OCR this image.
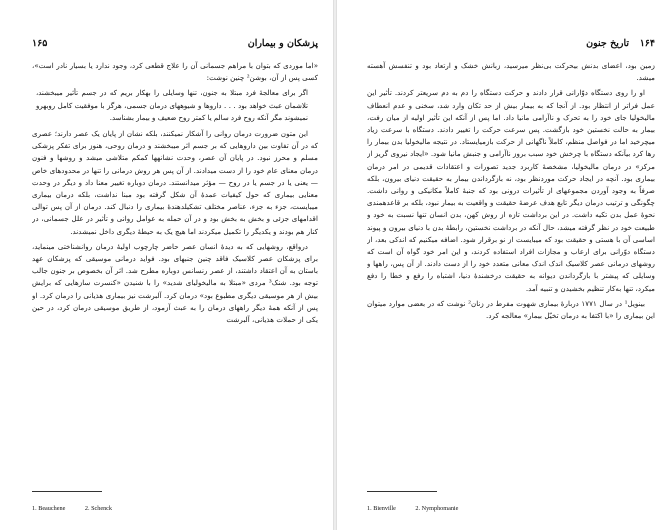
پزشکان و بیماران
۱۶۵

«اما موردی که بتوان با مراهم جسمانی آن را علاج قطعی کرد، وجود ندارد یا بسیار نادر است»، کسی پس از آن، بوشن² چنین نوشت:

اگر برای معالجهٔ فرد مبتلا به جنون، تنها وسایلی را بهکار بریم که در جسم تأثیر میبخشند، تلاشمان عبث خواهد بود . . . داروها و شیوههای درمان جسمی، هرگز با موفقیت کامل روبهرو نمیشوند مگر آنکه روح فرد سالم یا کمتر روح ضعیف و بیمار بشناسد.

این متون ضرورت درمان روانی را آشکار نمیکنند، بلکه نشان از پایان یک عصر دارند؛ عصری که در آن تفاوت بین داروهایی که بر جسم اثر میبخشند و درمان روحی، هنوز برای تفکر پزشکی مسلم و محرز نبود. در پایان آن عصر، وحدت نشانهها کمکم متلاشی میشد و روشها و فنون درمان معنای عام خود را از دست میدادند. از آن پس هر روش درمانی را تنها در محدودهای خاص — یعنی یا در جسم یا در روح — مؤثر میدانستند. درمان دوباره تغییر معنا داد و دیگر در وحدت معنایی بیماری که حول کیفیات عمدهٔ آن شکل گرفته بود مبنا نداشت، بلکه درمان بیماری میبایست، جزء به جزء، عناصر مختلف تشکیلدهندهٔ بیماری را دنبال کند. درمان از آن پس توالی اقدامهای جزئی و بخش به بخش بود و در آن حمله به عوامل روانی و تأثیر در علل جسمانی، در کنار هم بودند و یکدیگر را تکمیل میکردند اما هیچ یک به حیطهٔ دیگری داخل نمیشدند.

درواقع، روشهایی که به دیدهٔ انسان عصر حاضر چارچوب اولیهٔ درمان روانشناختی مینماید، برای پزشکان عصر کلاسیک فاقد چنین جنبهای بود. فواید درمانی موسیقی که پزشکان عهد باستان به آن اعتقاد داشتند، از عصر رنسانس دوباره مطرح شد. اثر آن بخصوص بر جنون جالب توجه بود. شنک³ مردی «مبتلا به مالیخولیای شدید» را با شنیدن «کنسرت سازهایی که برایش بیش از هر موسیقی دیگری مطبوع بود» درمان کرد. آلبرشت نیز بیماری هذیانی را درمان کرد. او پس از آنکه همهٔ دیگر راههای درمان را به عبث آزمود، از طریق موسیقی درمان کرد، در حین یکی از حملات هذیانی، آلبرشت

1. Beauchene	2. Schenck
۱۶۴
تاریخ جنون

زمین بود، اعضای بدنش بیحرکت بی‌نظر میرسید، زبانش خشک و ارتعاد بود و تنفسش آهسته میشد.

او را روی دستگاه دوّارانی قرار دادند و حرکت دستگاه را دم به دم سریعتر کردند. تأثیر این عمل فراتر از انتظار بود. از آنجا که به بیمار بیش از حد تکان وارد شد، سخنی و عدم انعطاف مالیخولیا جای خود را به تحرک و ناآرامی مانیا داد. اما پس از آنکه این تأثیر اولیه از میان رفت، بیمار به حالت نخستین خود بازگشت. پس سرعت حرکت را تغییر دادند. دستگاه با سرعت زیاد میچرخید اما در فواصل منظم، کاملاً ناگهانی از حرکت بازمیایستاد. در نتیجه مالیخولیا بدن بیمار را رها کرد بیآنکه دستگاه با چرخش خود سبب بروز ناآرامی و جنبش مانیا شود. «ایجاد نیروی گریز از مرکز» در درمان مالیخولیا، مشخصهٔ کاربرد جدید تصورات و اعتقادات قدیمی در امر درمان بیماری بود. آنچه در ایجاد حرکت موردنظر بود، نه بازگرداندن بیمار به حقیقت دنیای بیرون، بلکه صرفاً به وجود آوردن مجموعهای از تأثیرات درونی بود که جنبهٔ کاملاً مکانیکی و روانی داشت. چگونگی و ترتیب درمان دیگر تابع هدف عرضهٔ حقیقت و واقعیت به بیمار نبود، بلکه بر قاعدهمندی نحوهٔ عمل بدن تکیه داشت. در این برداشت تازه از روش کهن، بدن انسان تنها نسبت به خود و طبیعت خود در نظر گرفته میشد، حال آنکه در برداشت نخستین، رابطهٔ بدن با دنیای بیرون و پیوند اساسی آن با هستی و حقیقت بود که میبایست از نو برقرار شود. اضافه میکنیم که اندکی بعد، از دستگاه دوّرانی برای ارعاب و مجازات افراد استفاده کردند، و این امر خود گواه آن است که روشهای درمانی عصر کلاسیک اندک اندک معانی متعدد خود را از دست دادند. از آن پس، راهها و وسایلی که پیشتر با بازگرداندن دیوانه به حقیقت درخشندهٔ دنیا، اشتباه را رفع و خطا را دفع میکرد، تنها به‌کار تنظیم بخشیدن و تنبیه آمد.

بینویل¹ در سال ۱۷۷۱ دربارهٔ بیماری شهوت مفرط در زنان² نوشت که در بعضی موارد میتوان این بیماری را «با اکتفا به درمان تخیّل بیمار» معالجه کرد.

1. Bienville	2. Nymphomanie
